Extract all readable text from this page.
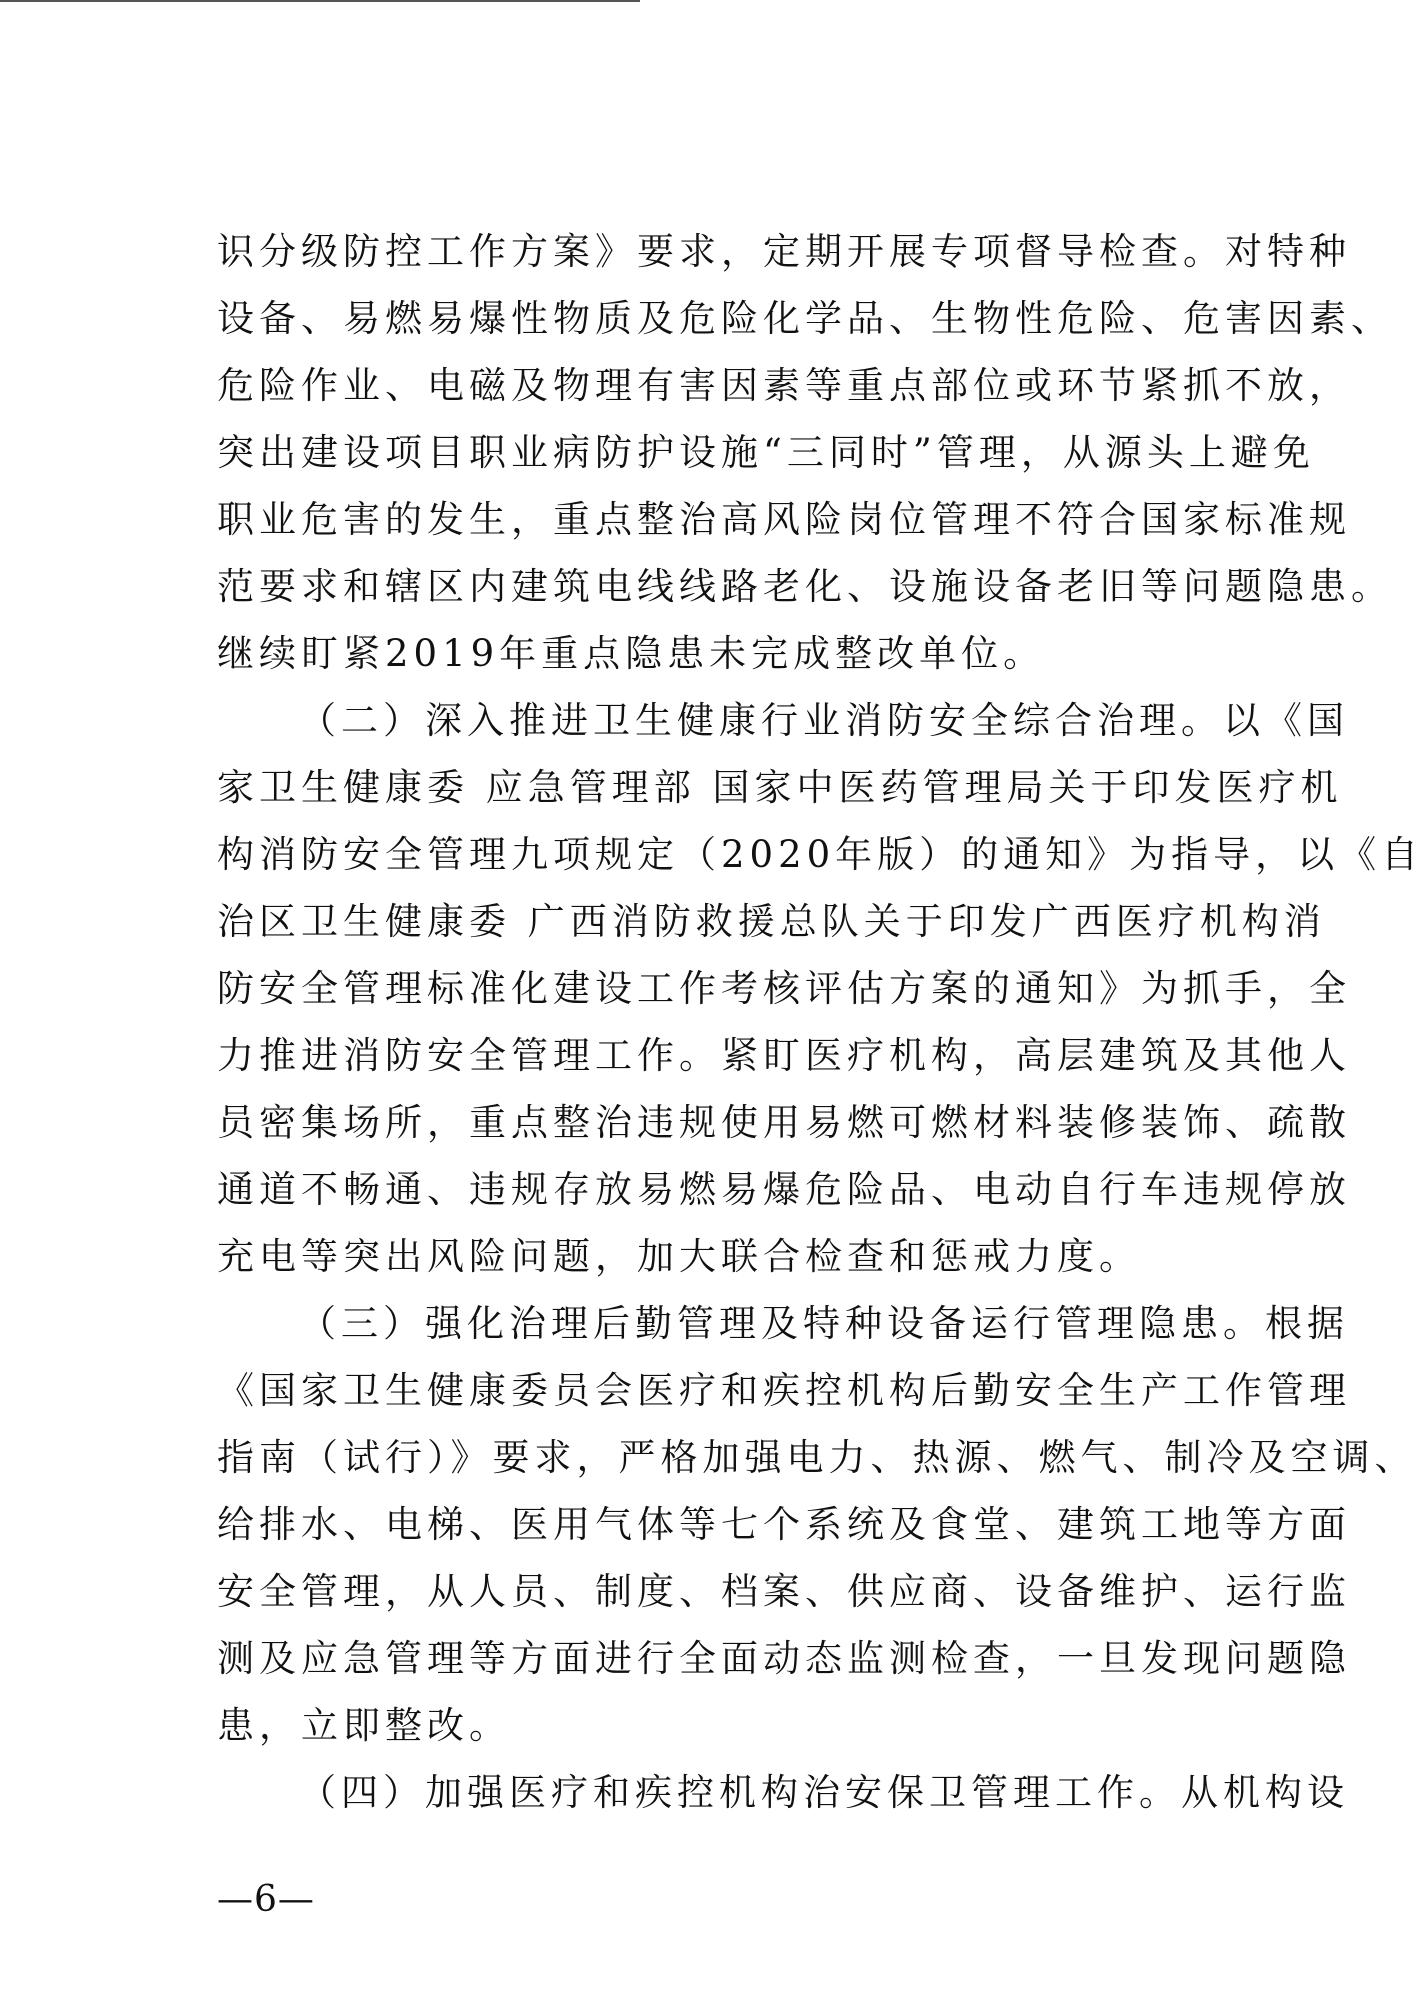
识分级防控工作方案》要求，定期开展专项督导检查。对特种
设备、易燃易爆性物质及危险化学品、生物性危险、危害因素、
危险作业、电磁及物理有害因素等重点部位或环节紧抓不放，
突出建设项目职业病防护设施“三同时”管理，从源头上避免
职业危害的发生，重点整治高风险岗位管理不符合国家标准规
范要求和辖区内建筑电线线路老化、设施设备老旧等问题隐患。
继续盯紧2019年重点隐患未完成整改单位。
（二）深入推进卫生健康行业消防安全综合治理。以《国
家卫生健康委 应急管理部 国家中医药管理局关于印发医疗机
构消防安全管理九项规定（2020年版）的通知》为指导，以《自
治区卫生健康委 广西消防救援总队关于印发广西医疗机构消
防安全管理标准化建设工作考核评估方案的通知》为抓手，全
力推进消防安全管理工作。紧盯医疗机构，高层建筑及其他人
员密集场所，重点整治违规使用易燃可燃材料装修装饰、疏散
通道不畅通、违规存放易燃易爆危险品、电动自行车违规停放
充电等突出风险问题，加大联合检查和惩戒力度。
（三）强化治理后勤管理及特种设备运行管理隐患。根据
《国家卫生健康委员会医疗和疾控机构后勤安全生产工作管理
指南（试行）》要求，严格加强电力、热源、燃气、制冷及空调、
给排水、电梯、医用气体等七个系统及食堂、建筑工地等方面
安全管理，从人员、制度、档案、供应商、设备维护、运行监
测及应急管理等方面进行全面动态监测检查，一旦发现问题隐
患，立即整改。
（四）加强医疗和疾控机构治安保卫管理工作。从机构设
—6—
